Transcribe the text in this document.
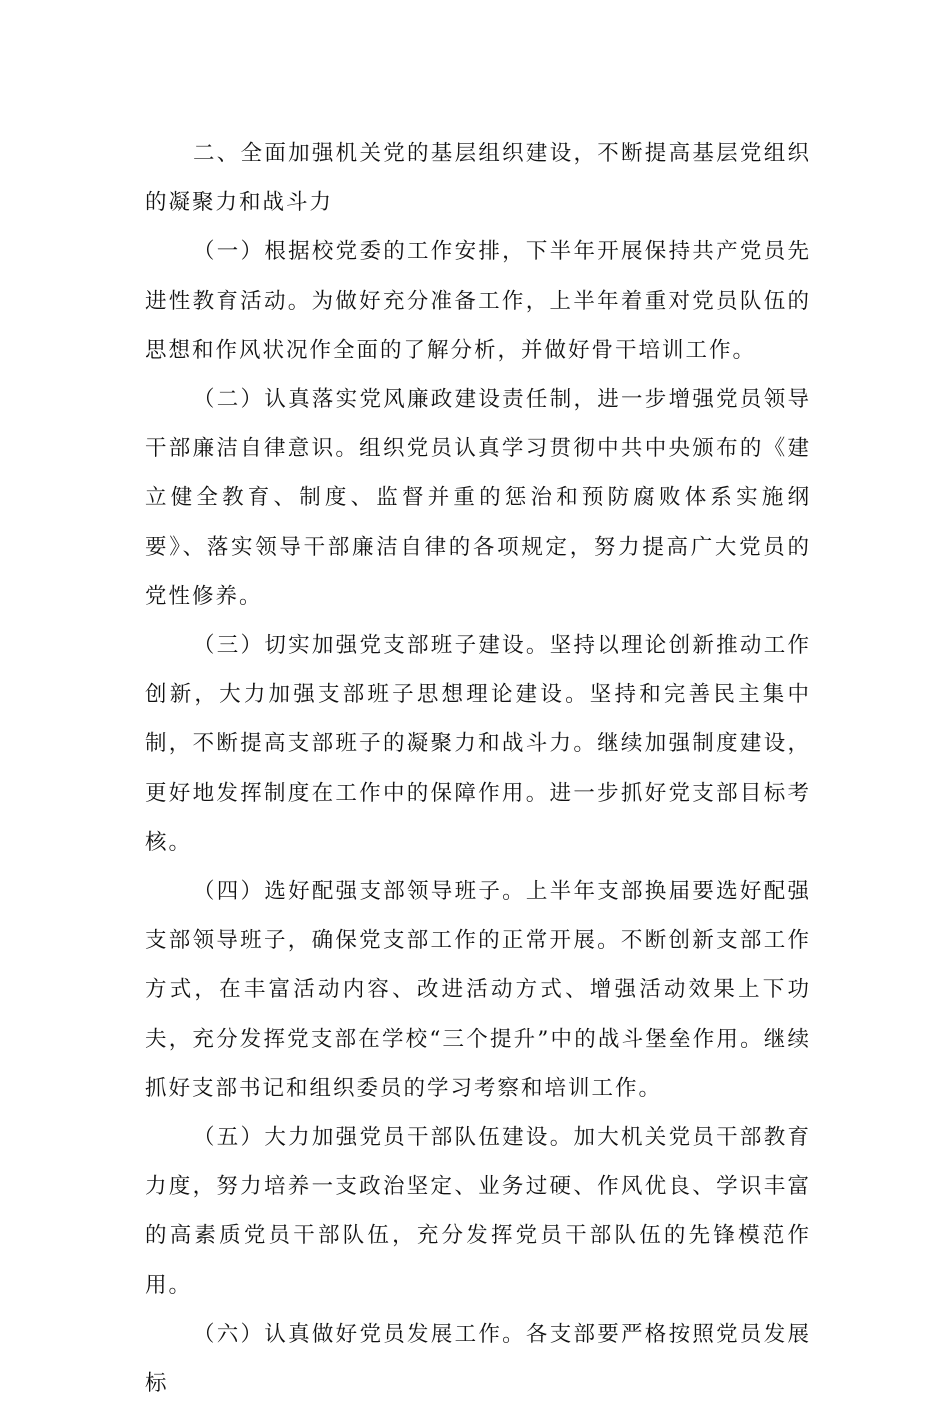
二、全面加强机关党的基层组织建设，不断提高基层党组织的凝聚力和战斗力

（一）根据校党委的工作安排，下半年开展保持共产党员先进性教育活动。为做好充分准备工作，上半年着重对党员队伍的思想和作风状况作全面的了解分析，并做好骨干培训工作。

（二）认真落实党风廉政建设责任制，进一步增强党员领导干部廉洁自律意识。组织党员认真学习贯彻中共中央颁布的《建立健全教育、制度、监督并重的惩治和预防腐败体系实施纲要》、落实领导干部廉洁自律的各项规定，努力提高广大党员的党性修养。

（三）切实加强党支部班子建设。坚持以理论创新推动工作创新，大力加强支部班子思想理论建设。坚持和完善民主集中制，不断提高支部班子的凝聚力和战斗力。继续加强制度建设，更好地发挥制度在工作中的保障作用。进一步抓好党支部目标考核。

（四）选好配强支部领导班子。上半年支部换届要选好配强支部领导班子，确保党支部工作的正常开展。不断创新支部工作方式，在丰富活动内容、改进活动方式、增强活动效果上下功夫，充分发挥党支部在学校“三个提升”中的战斗堡垒作用。继续抓好支部书记和组织委员的学习考察和培训工作。

（五）大力加强党员干部队伍建设。加大机关党员干部教育力度，努力培养一支政治坚定、业务过硬、作风优良、学识丰富的高素质党员干部队伍，充分发挥党员干部队伍的先锋模范作用。

（六）认真做好党员发展工作。各支部要严格按照党员发展标
